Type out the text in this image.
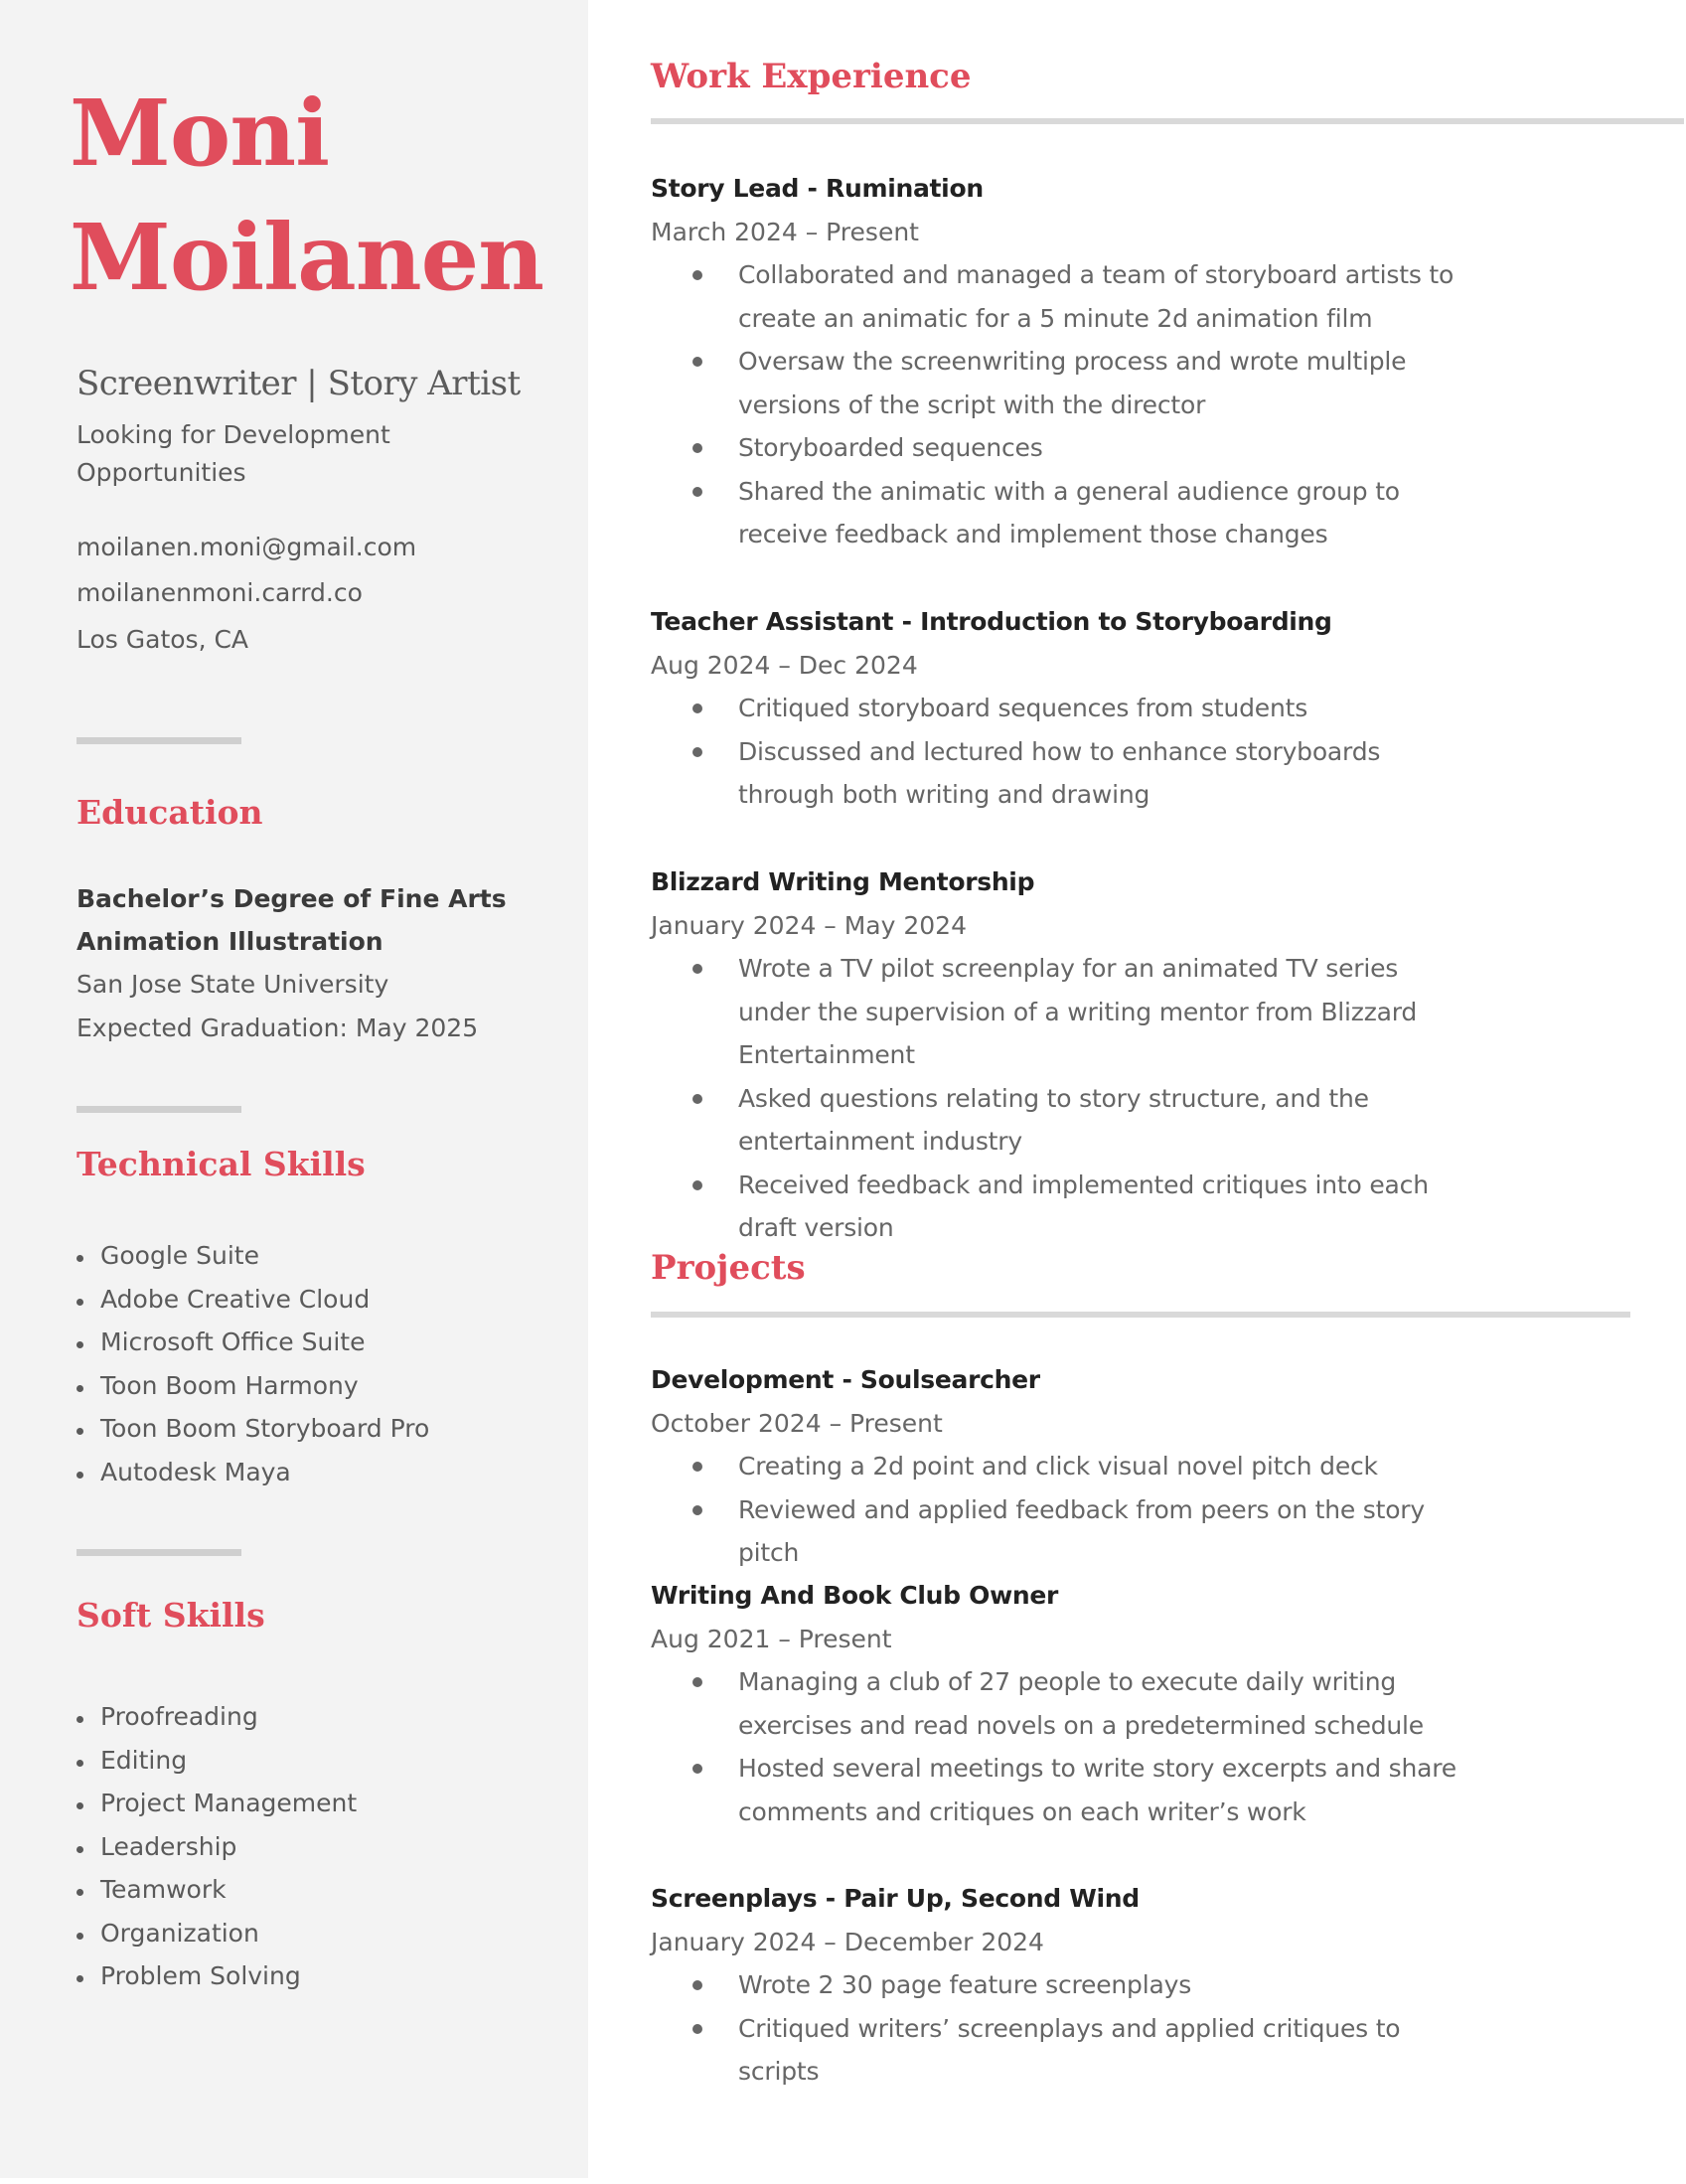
Moni
Moilanen
Screenwriter | Story Artist
Looking for Development
Opportunities
moilanen.moni@gmail.com
moilanenmoni.carrd.co
Los Gatos, CA
Education
Bachelor’s Degree of Fine Arts
Animation Illustration
San Jose State University
Expected Graduation: May 2025
Technical Skills
Google Suite
Adobe Creative Cloud
Microsoft Office Suite
Toon Boom Harmony
Toon Boom Storyboard Pro
Autodesk Maya
Soft Skills
Proofreading
Editing
Project Management
Leadership
Teamwork
Organization
Problem Solving
Work Experience
Story Lead - Rumination
March 2024 – Present
Collaborated and managed a team of storyboard artists to create an animatic for a 5 minute 2d animation film
Oversaw the screenwriting process and wrote multiple versions of the script with the director
Storyboarded sequences
Shared the animatic with a general audience group to receive feedback and implement those changes
Teacher Assistant - Introduction to Storyboarding
Aug 2024 – Dec 2024
Critiqued storyboard sequences from students
Discussed and lectured how to enhance storyboards through both writing and drawing
Blizzard Writing Mentorship
January 2024 – May 2024
Wrote a TV pilot screenplay for an animated TV series under the supervision of a writing mentor from Blizzard Entertainment
Asked questions relating to story structure, and the entertainment industry
Received feedback and implemented critiques into each draft version
Projects
Development - Soulsearcher
October 2024 – Present
Creating a 2d point and click visual novel pitch deck
Reviewed and applied feedback from peers on the story pitch
Writing And Book Club Owner
Aug 2021 – Present
Managing a club of 27 people to execute daily writing exercises and read novels on a predetermined schedule
Hosted several meetings to write story excerpts and share comments and critiques on each writer’s work
Screenplays - Pair Up, Second Wind
January 2024 – December 2024
Wrote 2 30 page feature screenplays
Critiqued writers’ screenplays and applied critiques to scripts
